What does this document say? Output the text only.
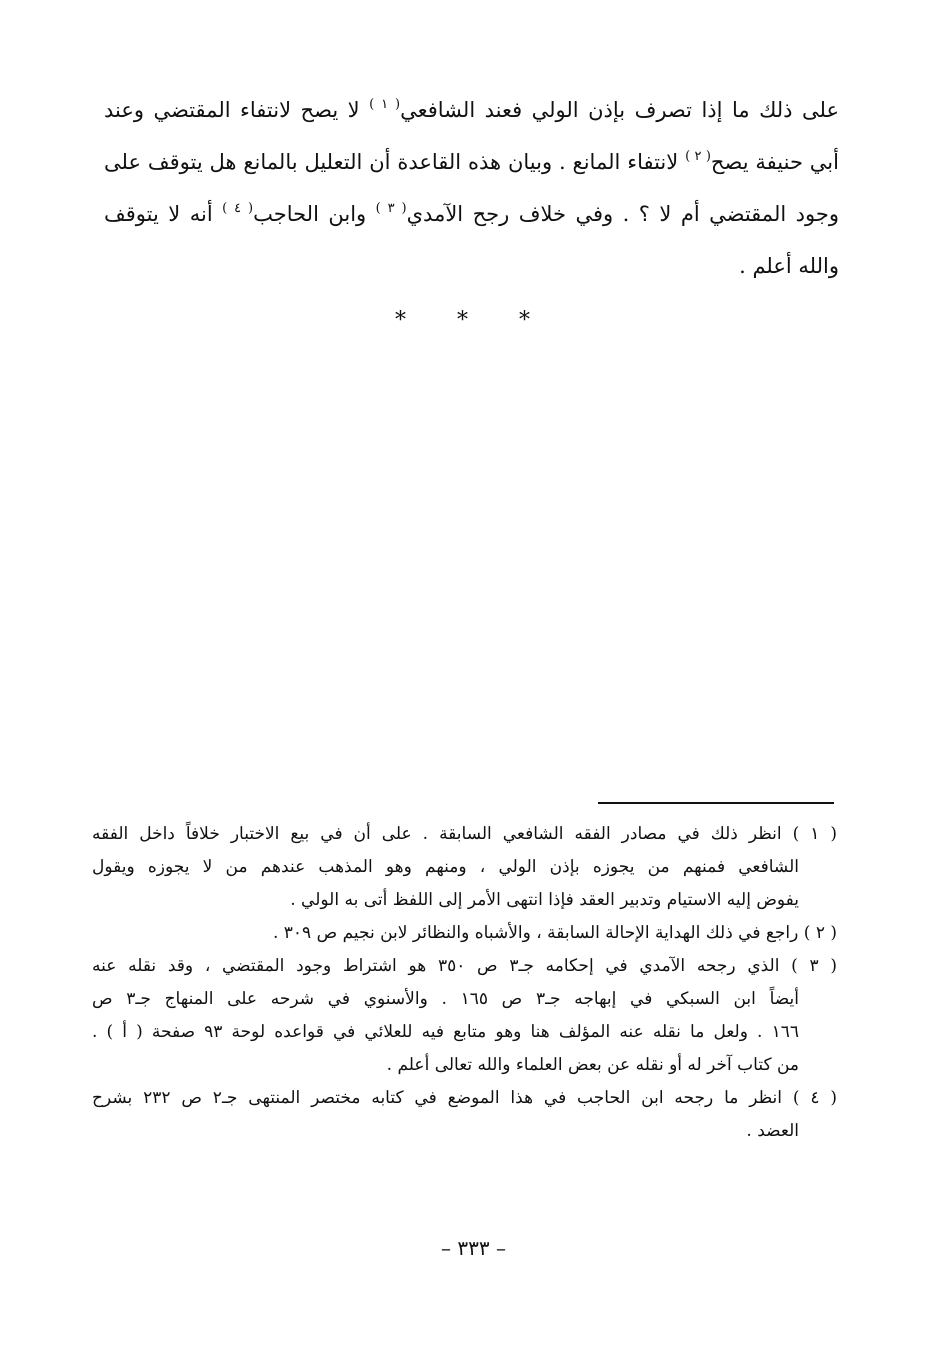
على ذلك ما إذا تصرف بإذن الولي فعند الشافعي$^{( ١ )}$ لا يصح لانتفاء المقتضي وعند
أبي حنيفة يصح$^{( ٢ )}$ لانتفاء المانع . وبيان هذه القاعدة أن التعليل بالمانع هل يتوقف على
وجود المقتضي أم لا ؟ . وفي خلاف رجح الآمدي$^{( ٣ )}$ وابن الحاجب$^{( ٤ )}$ أنه لا يتوقف
والله أعلم .
* * *
( ١ ) انظر ذلك في مصادر الفقه الشافعي السابقة . على أن في بيع الاختبار خلافاً داخل الفقه
الشافعي فمنهم من يجوزه بإذن الولي ، ومنهم وهو المذهب عندهم من لا يجوزه ويقول
يفوض إليه الاستيام وتدبير العقد فإذا انتهى الأمر إلى اللفظ أتى به الولي .
( ٢ ) راجع في ذلك الهداية الإحالة السابقة ، والأشباه والنظائر لابن نجيم ص ٣٠٩ .
( ٣ ) الذي رجحه الآمدي في إحكامه جـ٣ ص ٣٥٠ هو اشتراط وجود المقتضي ، وقد نقله عنه
أيضاً ابن السبكي في إبهاجه جـ٣ ص ١٦٥ . والأسنوي في شرحه على المنهاج جـ٣ ص
١٦٦ . ولعل ما نقله عنه المؤلف هنا وهو متابع فيه للعلائي في قواعده لوحة ٩٣ صفحة ( أ ) .
من كتاب آخر له أو نقله عن بعض العلماء والله تعالى أعلم .
( ٤ ) انظر ما رجحه ابن الحاجب في هذا الموضع في كتابه مختصر المنتهى جـ٢ ص ٢٣٢ بشرح
العضد .
– ٣٣٣ –
